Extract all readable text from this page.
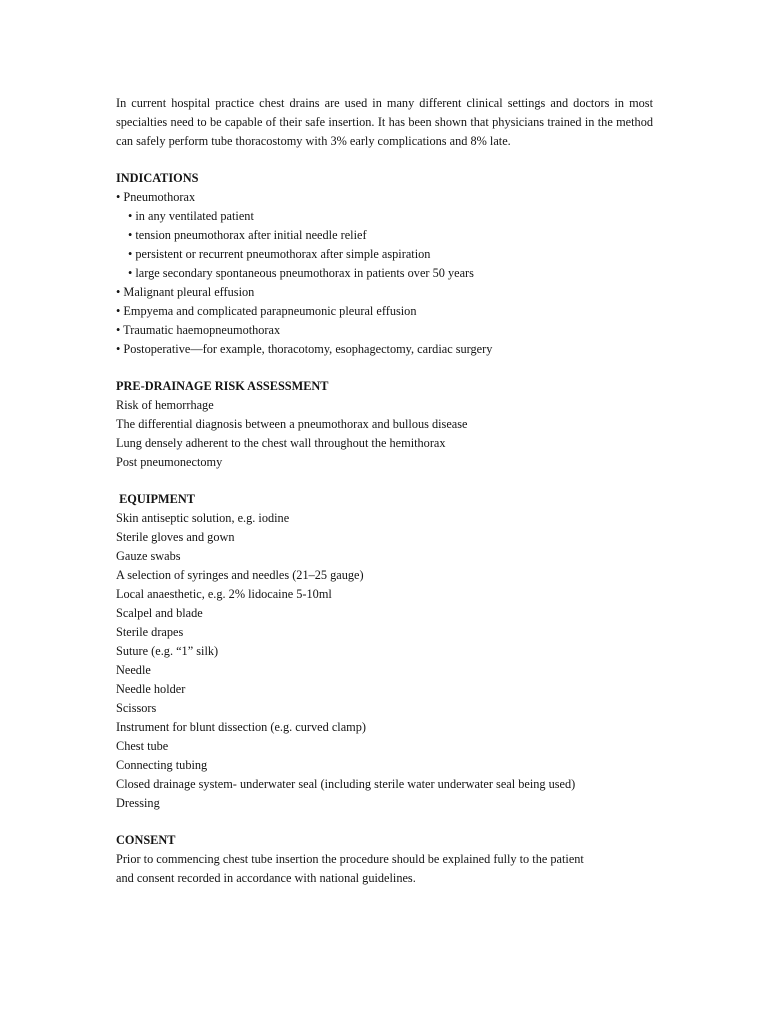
In current hospital practice chest drains are used in many different clinical settings and doctors in most specialties need to be capable of their safe insertion. It has been shown that physicians trained in the method can safely perform tube thoracostomy with 3% early complications and 8% late.

INDICATIONS
• Pneumothorax
• in any ventilated patient
• tension pneumothorax after initial needle relief
• persistent or recurrent pneumothorax after simple aspiration
• large secondary spontaneous pneumothorax in patients over 50 years
• Malignant pleural effusion
• Empyema and complicated parapneumonic pleural effusion
• Traumatic haemopneumothorax
• Postoperative—for example, thoracotomy, esophagectomy, cardiac surgery
PRE-DRAINAGE RISK ASSESSMENT
Risk of hemorrhage
The differential diagnosis between a pneumothorax and bullous disease
Lung densely adherent to the chest wall throughout the hemithorax
Post pneumonectomy
EQUIPMENT
Skin antiseptic solution, e.g. iodine
Sterile gloves and gown
Gauze swabs
A selection of syringes and needles (21–25 gauge)
Local anaesthetic, e.g. 2% lidocaine 5-10ml
Scalpel and blade
Sterile drapes
Suture (e.g. “1” silk)
Needle
Needle holder
Scissors
Instrument for blunt dissection (e.g. curved clamp)
Chest tube
Connecting tubing
Closed drainage system- underwater seal (including sterile water underwater seal being used)
Dressing
CONSENT
Prior to commencing chest tube insertion the procedure should be explained fully to the patient
and consent recorded in accordance with national guidelines.
